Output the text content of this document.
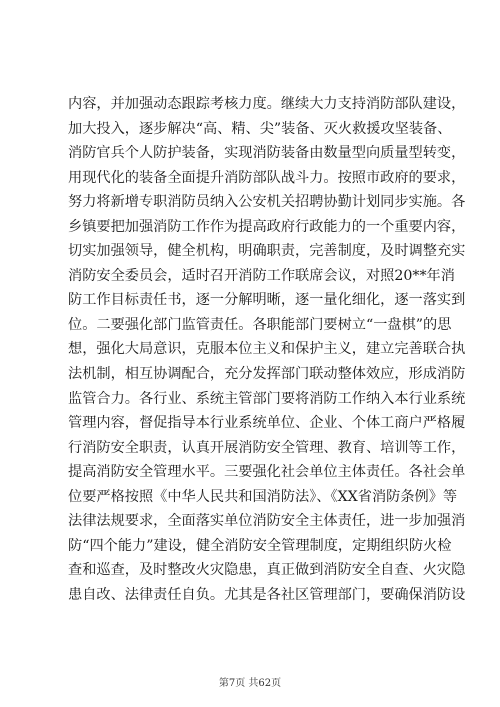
内容，并加强动态跟踪考核力度。继续大力支持消防部队建设，
加大投入，逐步解决“高、精、尖”装备、灭火救援攻坚装备、
消防官兵个人防护装备，实现消防装备由数量型向质量型转变，
用现代化的装备全面提升消防部队战斗力。按照市政府的要求，
努力将新增专职消防员纳入公安机关招聘协勤计划同步实施。各
乡镇要把加强消防工作作为提高政府行政能力的一个重要内容，
切实加强领导，健全机构，明确职责，完善制度，及时调整充实
消防安全委员会，适时召开消防工作联席会议，对照20**年消
防工作目标责任书，逐一分解明晰，逐一量化细化，逐一落实到
位。二要强化部门监管责任。各职能部门要树立“一盘棋”的思
想，强化大局意识，克服本位主义和保护主义，建立完善联合执
法机制，相互协调配合，充分发挥部门联动整体效应，形成消防
监管合力。各行业、系统主管部门要将消防工作纳入本行业系统
管理内容，督促指导本行业系统单位、企业、个体工商户严格履
行消防安全职责，认真开展消防安全管理、教育、培训等工作，
提高消防安全管理水平。三要强化社会单位主体责任。各社会单
位要严格按照《中华人民共和国消防法》、《XX省消防条例》等
法律法规要求，全面落实单位消防安全主体责任，进一步加强消
防“四个能力”建设，健全消防安全管理制度，定期组织防火检
查和巡查，及时整改火灾隐患，真正做到消防安全自查、火灾隐
患自改、法律责任自负。尤其是各社区管理部门，要确保消防设
第7页 共62页
